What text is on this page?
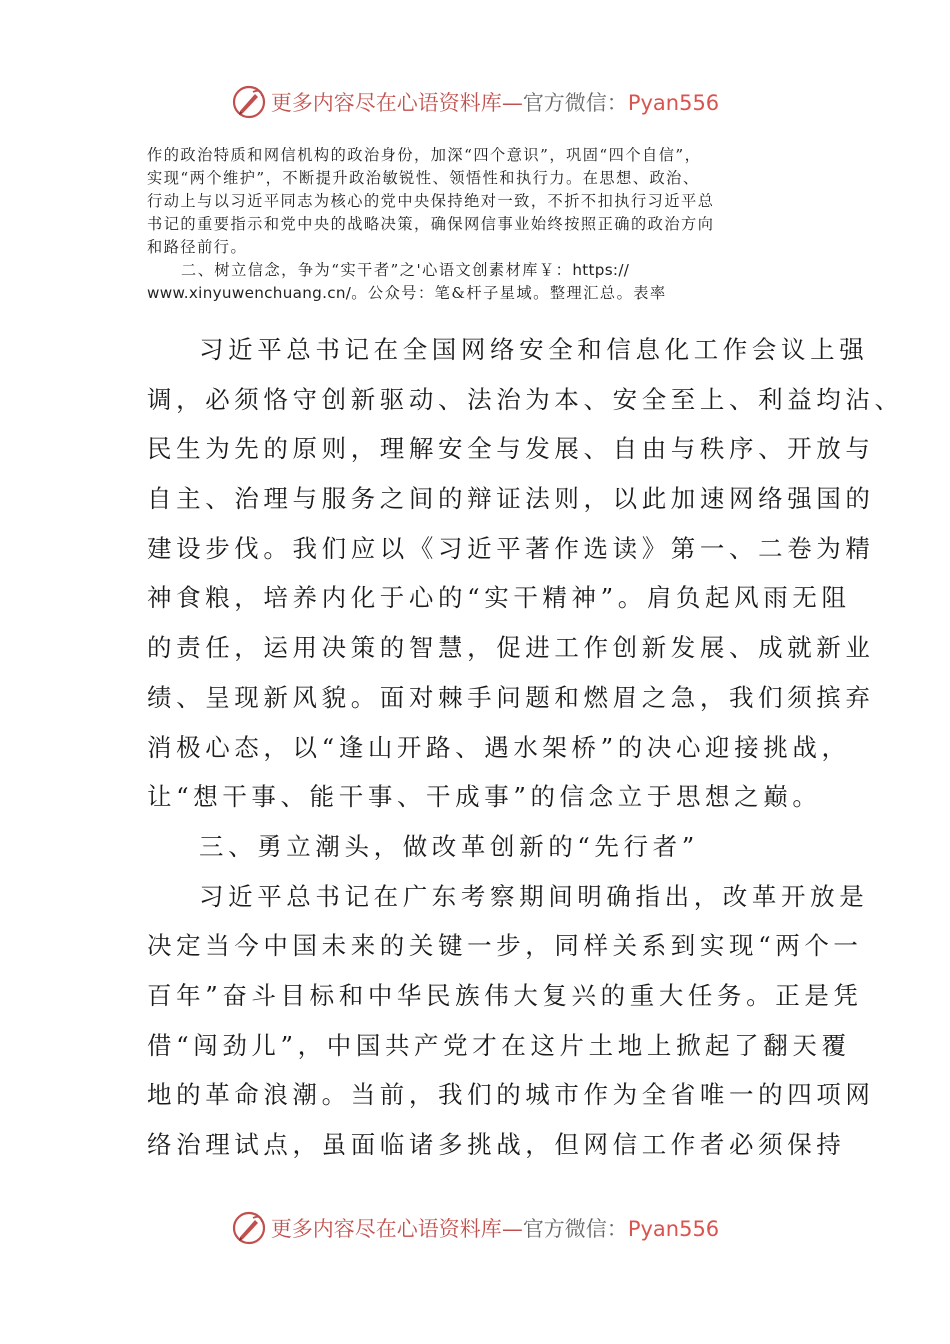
更多内容尽在心语资料库—官方微信：Pyan556

作的政治特质和网信机构的政治身份，加深“四个意识”，巩固“四个自信”，
实现“两个维护”，不断提升政治敏锐性、领悟性和执行力。在思想、政治、
行动上与以习近平同志为核心的党中央保持绝对一致，不折不扣执行习近平总
书记的重要指示和党中央的战略决策，确保网信事业始终按照正确的政治方向
和路径前行。

二、树立信念，争为“实干者”之'心语文创素材库￥：https://
www.xinyuwenchuang.cn/。公众号：笔&杆子星域。整理汇总。表率

习近平总书记在全国网络安全和信息化工作会议上强
调，必须恪守创新驱动、法治为本、安全至上、利益均沾、
民生为先的原则，理解安全与发展、自由与秩序、开放与
自主、治理与服务之间的辩证法则，以此加速网络强国的
建设步伐。我们应以《习近平著作选读》第一、二卷为精
神食粮，培养内化于心的“实干精神”。肩负起风雨无阻
的责任，运用决策的智慧，促进工作创新发展、成就新业
绩、呈现新风貌。面对棘手问题和燃眉之急，我们须摈弃
消极心态，以“逢山开路、遇水架桥”的决心迎接挑战，
让“想干事、能干事、干成事”的信念立于思想之巅。
三、勇立潮头，做改革创新的“先行者”
习近平总书记在广东考察期间明确指出，改革开放是
决定当今中国未来的关键一步，同样关系到实现“两个一
百年”奋斗目标和中华民族伟大复兴的重大任务。正是凭
借“闯劲儿”，中国共产党才在这片土地上掀起了翻天覆
地的革命浪潮。当前，我们的城市作为全省唯一的四项网
络治理试点，虽面临诸多挑战，但网信工作者必须保持
更多内容尽在心语资料库—官方微信：Pyan556
